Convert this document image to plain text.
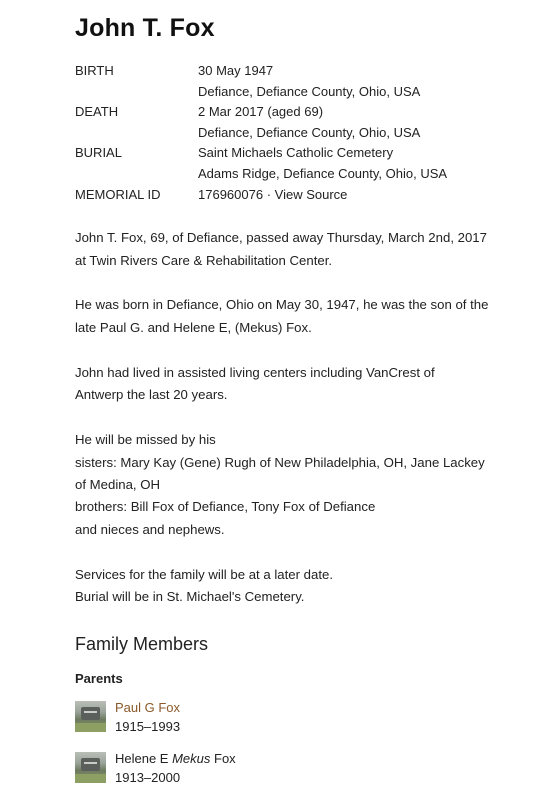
John T. Fox
BIRTH	30 May 1947
Defiance, Defiance County, Ohio, USA
DEATH	2 Mar 2017 (aged 69)
Defiance, Defiance County, Ohio, USA
BURIAL	Saint Michaels Catholic Cemetery
Adams Ridge, Defiance County, Ohio, USA
MEMORIAL ID	176960076 · View Source

John T. Fox, 69, of Defiance, passed away Thursday, March 2nd, 2017
at Twin Rivers Care & Rehabilitation Center.

He was born in Defiance, Ohio on May 30, 1947, he was the son of the
late Paul G. and Helene E, (Mekus) Fox.

John had lived in assisted living centers including VanCrest of
Antwerp the last 20 years.

He will be missed by his
sisters: Mary Kay (Gene) Rugh of New Philadelphia, OH, Jane Lackey
of Medina, OH
brothers: Bill Fox of Defiance, Tony Fox of Defiance
and nieces and nephews.

Services for the family will be at a later date.
Burial will be in St. Michael's Cemetery.

Family Members
Parents
Paul G Fox
1915–1993
Helene E Mekus Fox
1913–2000
